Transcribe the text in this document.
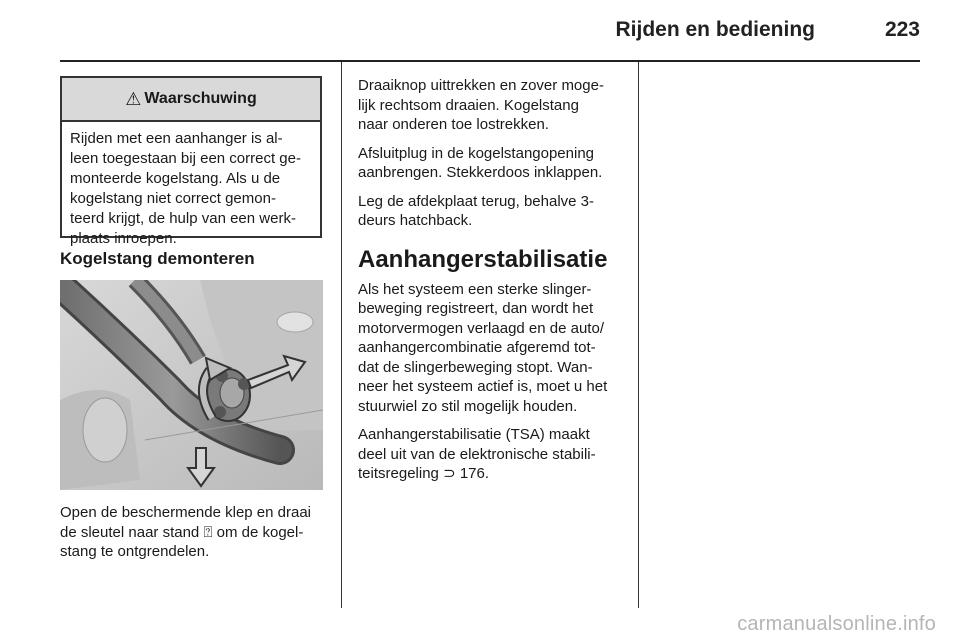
Rijden en bediening	223
⚠ Waarschuwing
Rijden met een aanhanger is al-
leen toegestaan bij een correct ge-
monteerde kogelstang. Als u de
kogelstang niet correct gemon-
teerd krijgt, de hulp van een werk-
plaats inroepen.
Kogelstang demonteren
Open de beschermende klep en draai
de sleutel naar stand ⍰ om de kogel-
stang te ontgrendelen.

Draaiknop uittrekken en zover moge-
lijk rechtsom draaien. Kogelstang
naar onderen toe lostrekken.

Afsluitplug in de kogelstangopening
aanbrengen. Stekkerdoos inklappen.

Leg de afdekplaat terug, behalve 3-
deurs hatchback.

Aanhangerstabilisatie

Als het systeem een sterke slinger-
beweging registreert, dan wordt het
motorvermogen verlaagd en de auto/
aanhangercombinatie afgeremd tot-
dat de slingerbeweging stopt. Wan-
neer het systeem actief is, moet u het
stuurwiel zo stil mogelijk houden.

Aanhangerstabilisatie (TSA) maakt
deel uit van de elektronische stabili-
teitsregeling ⊃ 176.

carmanualsonline.info
